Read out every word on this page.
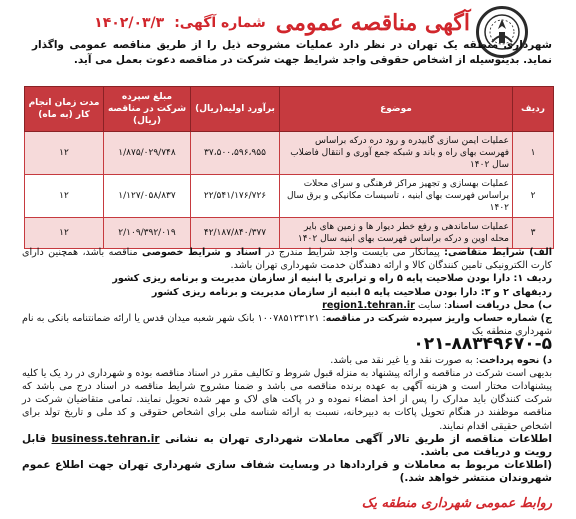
آگهی مناقصه عمومی
شماره آگهی:
۱۴۰۲/۰۳/۳
شهرداری منطقه یک تهران در نظر دارد عملیات مشروحه ذیل را از طریق مناقصه عمومی واگذار نماید. بدینوسیله از اشخاص حقوقی واجد شرایط جهت شرکت در مناقصه دعوت بعمل می آید.
ردیف	موضوع	برآورد اولیه(ریال)	مبلغ سپرده شرکت در مناقصه (ریال)	مدت زمان انجام کار (به ماه)
۱	عملیات ایمن سازی گابیدره و رود دره درکه براساس فهرست بهای راه و باند و شبکه جمع آوری و انتقال فاضلاب سال ۱۴۰۲	۳۷،۵۰۰،۵۹۶،۹۵۵	۱/۸۷۵/۰۲۹/۷۴۸	۱۲
۲	عملیات بهسازی و تجهیز مراکز فرهنگی و سرای محلات براساس فهرست بهای ابنیه ، تاسیسات مکانیکی و برق سال ۱۴۰۲	۲۲/۵۴۱/۱۷۶/۷۲۶	۱/۱۲۷/۰۵۸/۸۳۷	۱۲
۳	عملیات ساماندهی و رفع خطر دیوار ها و زمین های بایر محله اوین و درکه براساس فهرست بهای ابنیه سال ۱۴۰۲	۴۲/۱۸۷/۸۴۰/۳۷۷	۲/۱۰۹/۳۹۲/۰۱۹	۱۲

الف) شرایط متقاضی: پیمانکار می بایست واجد شرایط مندرج در اسناد و شرایط خصوصی مناقصه باشد، همچنین دارای کارت الکترونیکی تامین کنندگان کالا و ارائه دهندگان خدمت شهرداری تهران باشد.

ردیف ۱: دارا بودن صلاحیت پایه ۵ راه و ترابری یا ابنیه از سازمان مدیریت و برنامه ریزی کشور

ردیفهای ۲ و ۳: دارا بودن صلاحیت پایه ۵ ابنیه از سازمان مدیریت و برنامه ریزی کشور

ب) محل دریافت اسناد: سایت region1.tehran.ir

ج) شماره حساب واریز سپرده شرکت در مناقصه: ۱۰۰۷۸۵۱۲۳۱۲۱ بانک شهر شعبه میدان قدس یا ارائه ضمانتنامه بانکی به نام شهرداری منطقه یک

۰۲۱-۸۸۳۴۹۶۷۰-۵

د) نحوه پرداخت: به صورت نقد و یا غیر نقد می باشد.

بدیهی است شرکت در مناقصه و ارائه پیشنهاد به منزله قبول شروط و تکالیف مقرر در اسناد مناقصه بوده و شهرداری در رد یک یا کلیه پیشنهادات مختار است و هزینه آگهی به عهده برنده مناقصه می باشد و ضمنا مشروح شرایط مناقصه در اسناد درج می باشد که شرکت کنندگان باید مدارک را پس از اخذ امضاء نموده و در پاکت های لاک و مهر شده تحویل نمایند. تمامی متقاضیان شرکت در مناقصه موظفند در هنگام تحویل پاکات به دبیرخانه، نسبت به ارائه شناسه ملی برای اشخاص حقوقی و کد ملی و تاریخ تولد برای اشخاص حقیقی اقدام نمایند.

اطلاعات مناقصه از طریق تالار آگهی معاملات شهرداری تهران به نشانی business.tehran.ir قابل رویت و دریافت می باشد.

(اطلاعات مربوط به معاملات و قراردادها در وبسایت شفاف سازی شهرداری تهران جهت اطلاع عموم شهروندان منتشر خواهد شد.)

روابط عمومی شهرداری منطقه یک
